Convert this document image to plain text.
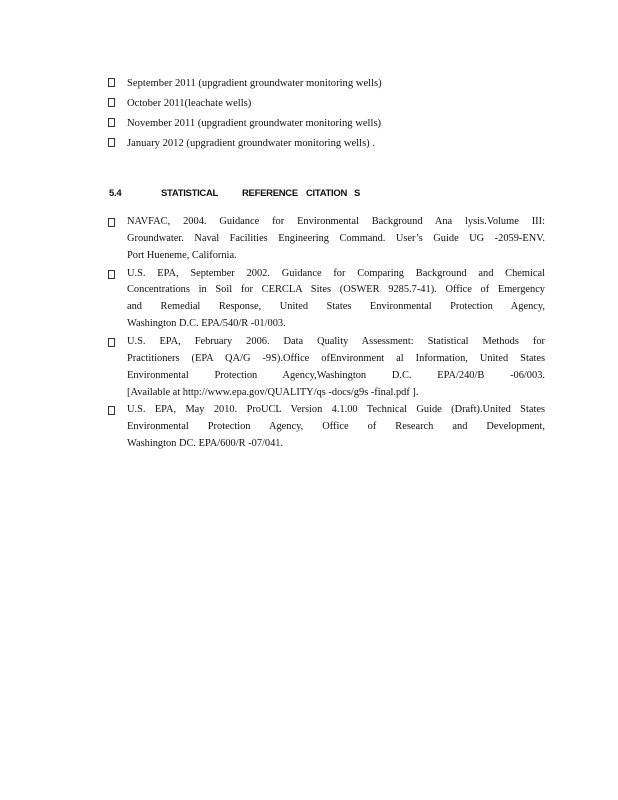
September 2011 (upgradient groundwater monitoring wells)
October 2011(leachate wells)
November 2011 (upgradient groundwater monitoring wells)
January 2012 (upgradient groundwater monitoring wells) .
5.4	STATISTICAL	REFERENCE CITATION S
NAVFAC, 2004. Guidance for Environmental Background Ana lysis.Volume III:
Groundwater. Naval Facilities Engineering Command. User’s Guide UG -2059-ENV.
Port Hueneme, California.
U.S. EPA, September 2002. Guidance for Comparing Background and Chemical
Concentrations in Soil for CERCLA Sites (OSWER 9285.7-41). Office of Emergency
and Remedial Response, United States Environmental Protection Agency,
Washington D.C. EPA/540/R -01/003.
U.S. EPA, February 2006. Data Quality Assessment: Statistical Methods for
Practitioners (EPA QA/G -9S).Office ofEnvironment al Information, United States
Environmental Protection Agency,Washington D.C. EPA/240/B -06/003.
[Available at http://www.epa.gov/QUALITY/qs -docs/g9s -final.pdf ].
U.S. EPA, May 2010. ProUCL Version 4.1.00 Technical Guide (Draft).United States
Environmental Protection Agency, Office of Research and Development,
Washington DC. EPA/600/R -07/041.
